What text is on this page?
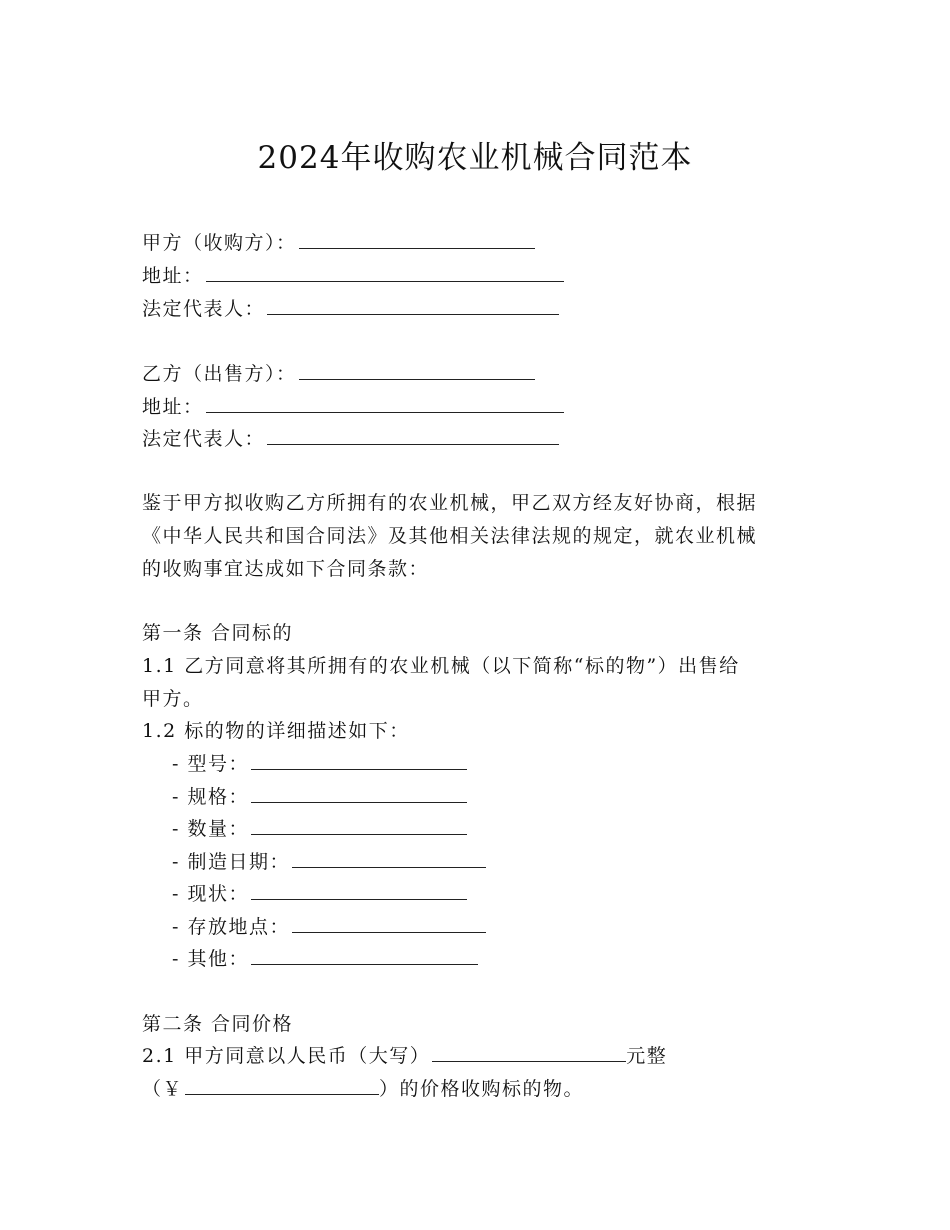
2024年收购农业机械合同范本
甲方（收购方）：
地址：
法定代表人：
乙方（出售方）：
地址：
法定代表人：
鉴于甲方拟收购乙方所拥有的农业机械，甲乙双方经友好协商，根据
《中华人民共和国合同法》及其他相关法律法规的规定，就农业机械
的收购事宜达成如下合同条款：
第一条 合同标的
1.1 乙方同意将其所拥有的农业机械（以下简称“标的物”）出售给
甲方。
1.2 标的物的详细描述如下：
- 型号：
- 规格：
- 数量：
- 制造日期：
- 现状：
- 存放地点：
- 其他：
第二条 合同价格
2.1 甲方同意以人民币（大写）	元整
（￥	）的价格收购标的物。
